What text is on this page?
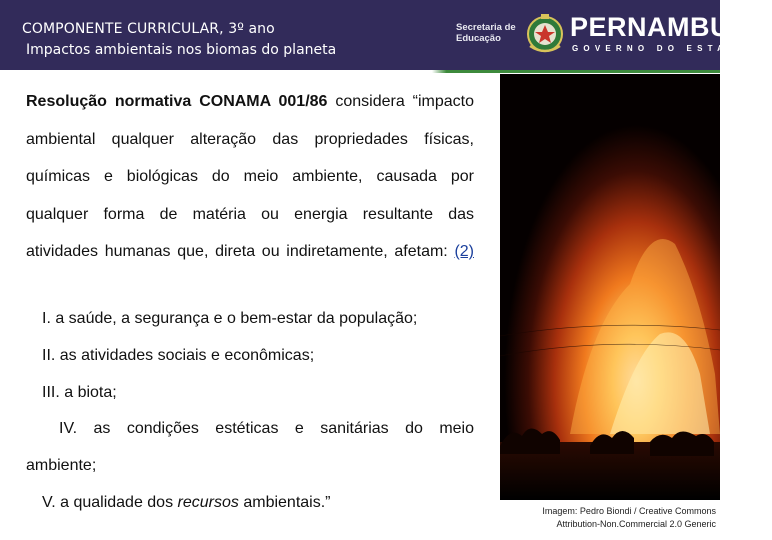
COMPONENTE CURRICULAR, 3º ano
Impactos ambientais nos biomas do planeta
Secretaria de
Educação	PERNAMBUCO
GOVERNO DO ESTADO

Resolução normativa CONAMA 001/86 considera “impacto ambiental qualquer alteração das propriedades físicas, químicas e biológicas do meio ambiente, causada por qualquer forma de matéria ou energia resultante das atividades humanas que, direta ou indiretamente, afetam: (2)

I. a saúde, a segurança e o bem-estar da população;
II. as atividades sociais e econômicas;
III. a biota;
IV. as condições estéticas e sanitárias do meio
ambiente;
V. a qualidade dos recursos ambientais.”	Imagem: Pedro Biondi / Creative Commons
Attribution-Non.Commercial 2.0 Generic
